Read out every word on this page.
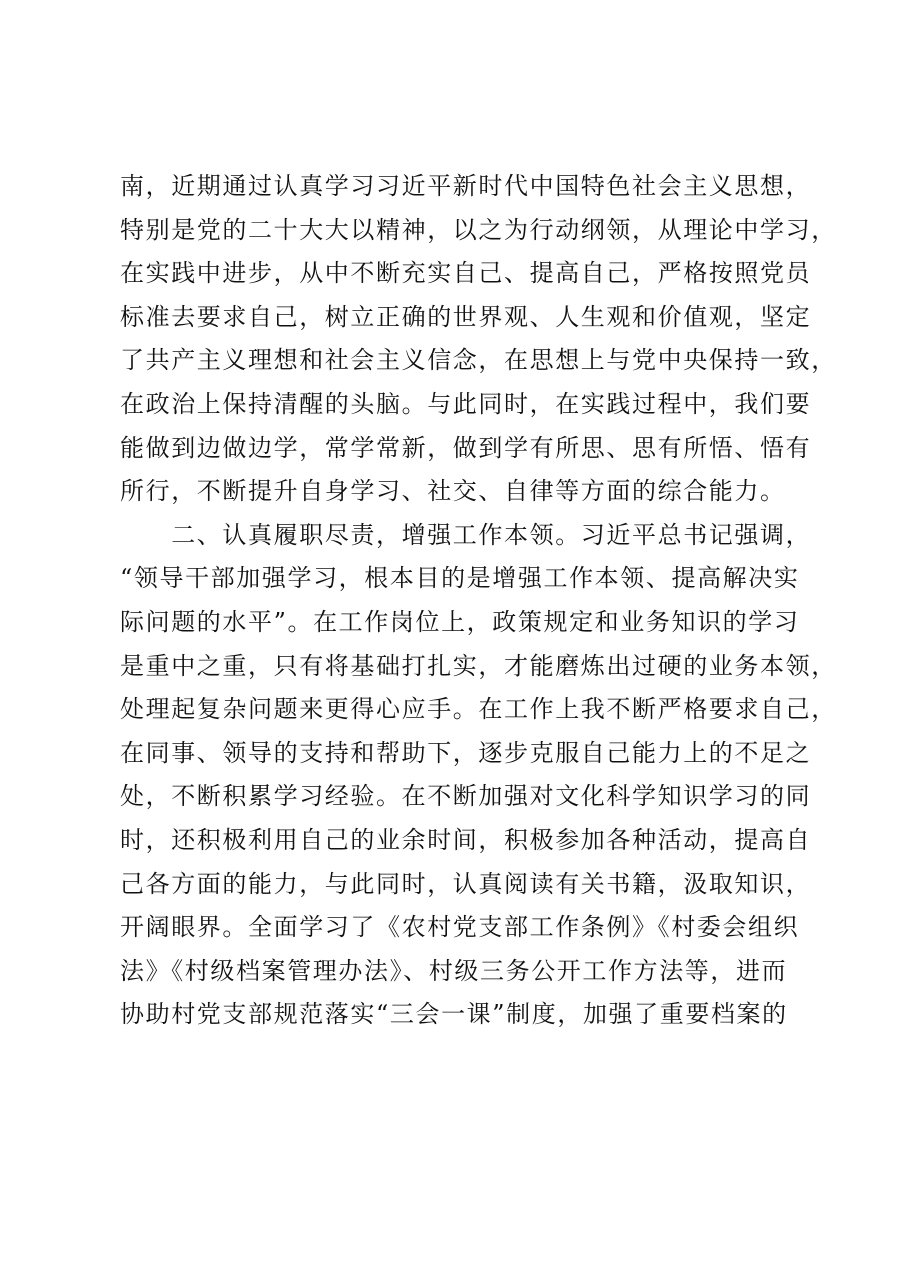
南，近期通过认真学习习近平新时代中国特色社会主义思想，
特别是党的二十大大以精神，以之为行动纲领，从理论中学习，
在实践中进步，从中不断充实自己、提高自己，严格按照党员
标准去要求自己，树立正确的世界观、人生观和价值观，坚定
了共产主义理想和社会主义信念，在思想上与党中央保持一致，
在政治上保持清醒的头脑。与此同时，在实践过程中，我们要
能做到边做边学，常学常新，做到学有所思、思有所悟、悟有
所行，不断提升自身学习、社交、自律等方面的综合能力。
　　二、认真履职尽责，增强工作本领。习近平总书记强调，
“领导干部加强学习，根本目的是增强工作本领、提高解决实
际问题的水平”。在工作岗位上，政策规定和业务知识的学习
是重中之重，只有将基础打扎实，才能磨炼出过硬的业务本领，
处理起复杂问题来更得心应手。在工作上我不断严格要求自己，
在同事、领导的支持和帮助下，逐步克服自己能力上的不足之
处，不断积累学习经验。在不断加强对文化科学知识学习的同
时，还积极利用自己的业余时间，积极参加各种活动，提高自
己各方面的能力，与此同时，认真阅读有关书籍，汲取知识，
开阔眼界。全面学习了《农村党支部工作条例》《村委会组织
法》《村级档案管理办法》、村级三务公开工作方法等，进而
协助村党支部规范落实“三会一课”制度，加强了重要档案的
